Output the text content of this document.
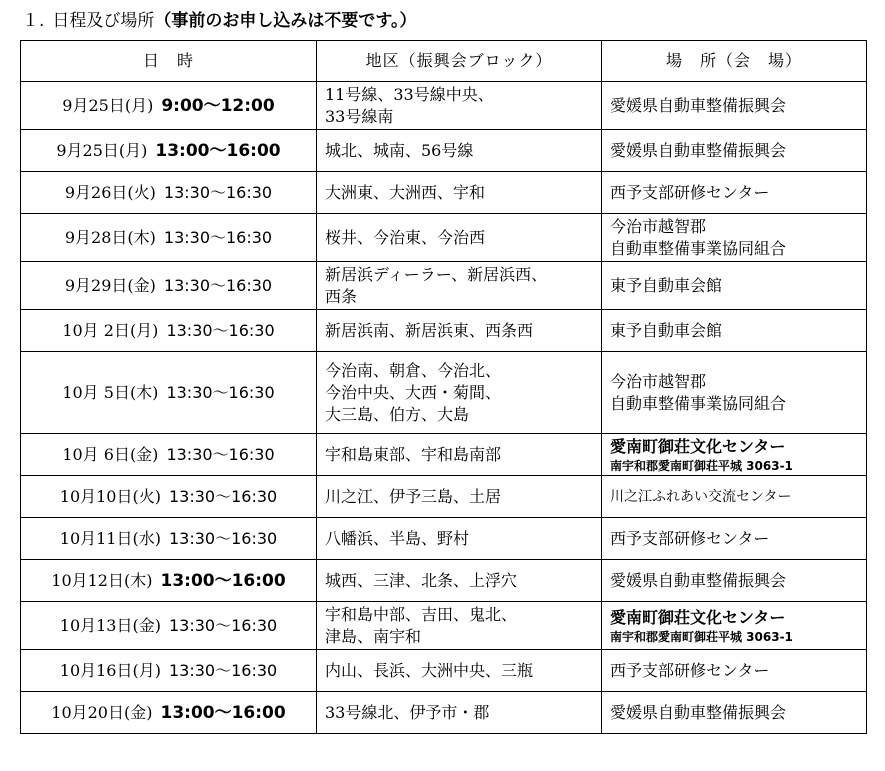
１. 日程及び場所（事前のお申し込みは不要です。）
日　時	地区（振興会ブロック）	場　所（会　場）
9月25日(月) 9:00～12:00	11号線、33号線中央、
33号線南	愛媛県自動車整備振興会

9月25日(月) 13:00～16:00	城北、城南、56号線	愛媛県自動車整備振興会

9月26日(火) 13:30～16:30	大洲東、大洲西、宇和	西予支部研修センター

9月28日(木) 13:30～16:30	桜井、今治東、今治西	今治市越智郡
自動車整備事業協同組合

9月29日(金) 13:30～16:30	新居浜ディーラー、新居浜西、
西条	東予自動車会館

10月 2日(月) 13:30～16:30	新居浜南、新居浜東、西条西	東予自動車会館

10月 5日(木) 13:30～16:30	今治南、朝倉、今治北、
今治中央、大西・菊間、
大三島、伯方、大島	今治市越智郡
自動車整備事業協同組合

10月 6日(金) 13:30～16:30	宇和島東部、宇和島南部	愛南町御荘文化センター
南宇和郡愛南町御荘平城 3063-1

10月10日(火) 13:30～16:30	川之江、伊予三島、土居	川之江ふれあい交流センター

10月11日(水) 13:30～16:30	八幡浜、半島、野村	西予支部研修センター

10月12日(木) 13:00～16:00	城西、三津、北条、上浮穴	愛媛県自動車整備振興会

10月13日(金) 13:30～16:30	宇和島中部、吉田、鬼北、
津島、南宇和	愛南町御荘文化センター
南宇和郡愛南町御荘平城 3063-1

10月16日(月) 13:30～16:30	内山、長浜、大洲中央、三瓶	西予支部研修センター

10月20日(金) 13:00～16:00	33号線北、伊予市・郡	愛媛県自動車整備振興会
